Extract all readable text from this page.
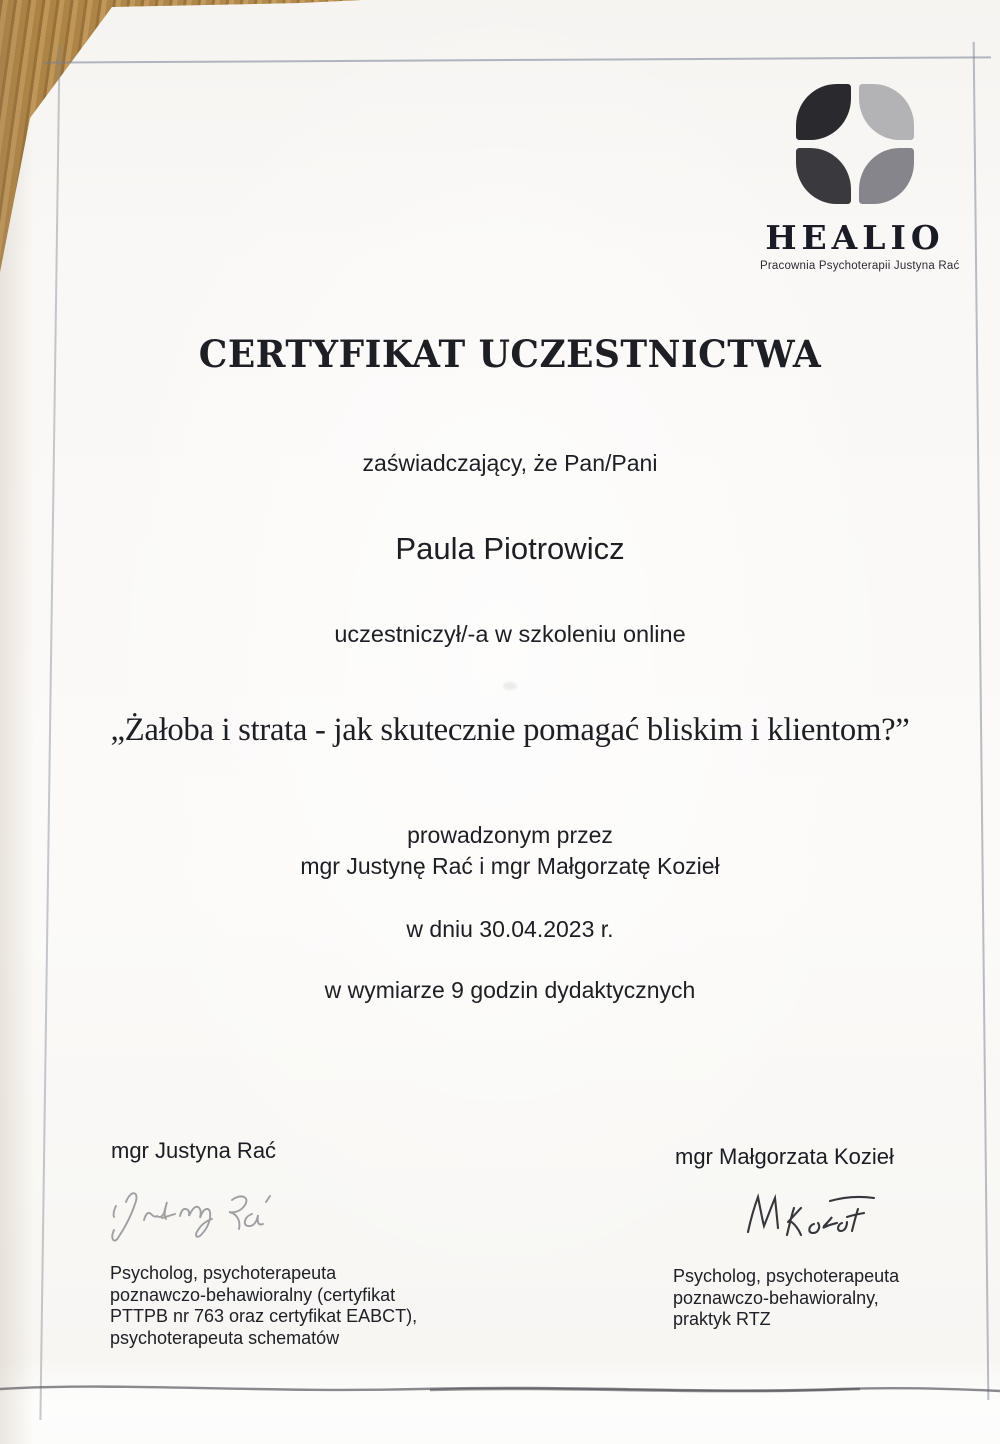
HEALIO
Pracownia Psychoterapii Justyna Rać
CERTYFIKAT UCZESTNICTWA
zaświadczający, że Pan/Pani
Paula Piotrowicz
uczestniczył/-a w szkoleniu online
„Żałoba i strata - jak skutecznie pomagać bliskim i klientom?”
prowadzonym przez
mgr Justynę Rać i mgr Małgorzatę Kozieł
w dniu 30.04.2023 r.
w wymiarze 9 godzin dydaktycznych
mgr Justyna Rać
Psycholog, psychoterapeuta
poznawczo-behawioralny (certyfikat
PTTPB nr 763 oraz certyfikat EABCT),
psychoterapeuta schematów
mgr Małgorzata Kozieł
Psycholog, psychoterapeuta
poznawczo-behawioralny,
praktyk RTZ
